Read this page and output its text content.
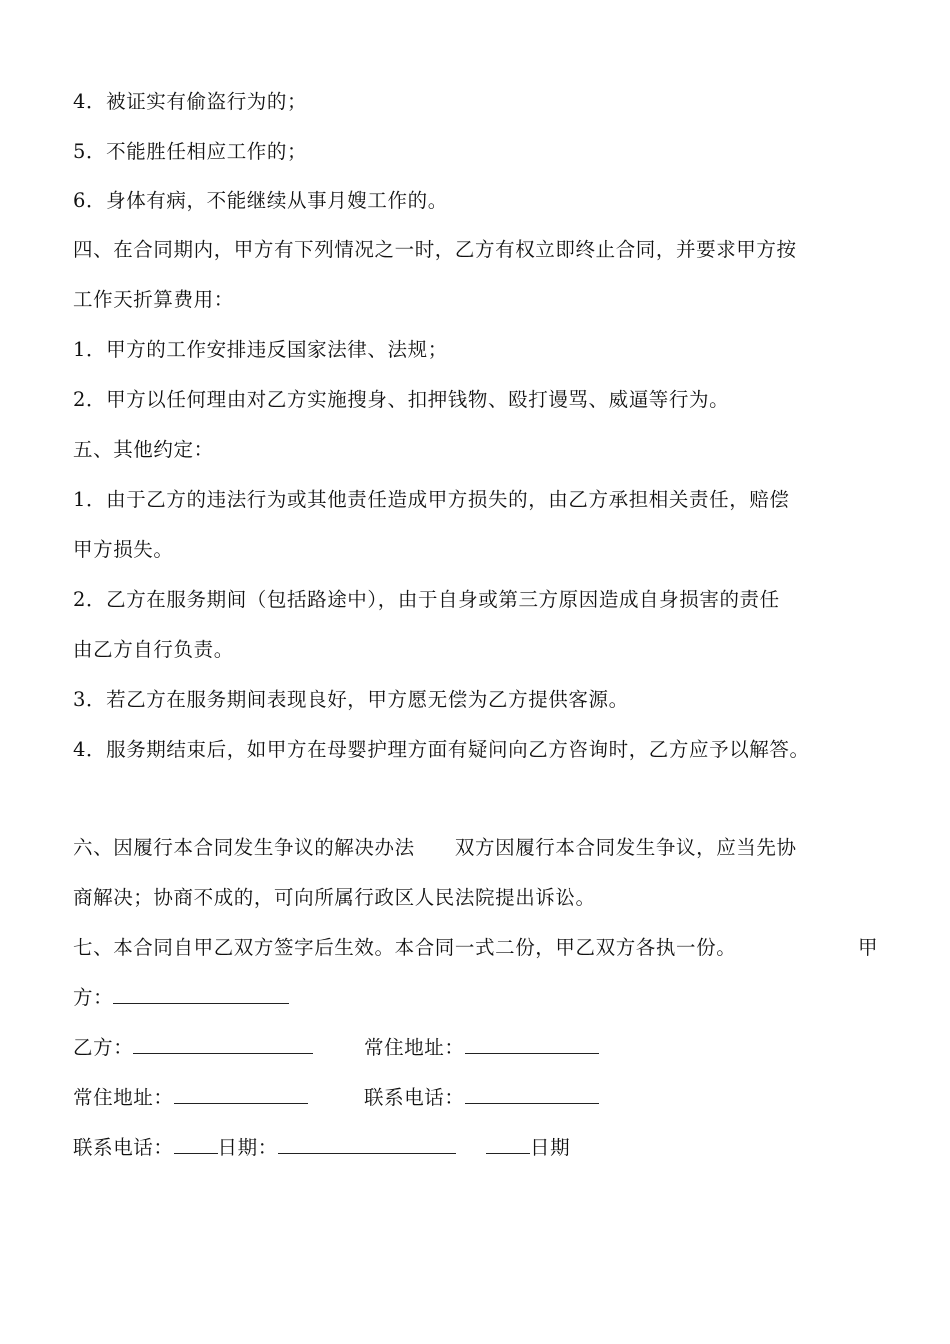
4．被证实有偷盗行为的；
5．不能胜任相应工作的；
6．身体有病，不能继续从事月嫂工作的。
四、在合同期内，甲方有下列情况之一时，乙方有权立即终止合同，并要求甲方按
工作天折算费用：
1．甲方的工作安排违反国家法律、法规；
2．甲方以任何理由对乙方实施搜身、扣押钱物、殴打谩骂、威逼等行为。
五、其他约定：
1．由于乙方的违法行为或其他责任造成甲方损失的，由乙方承担相关责任，赔偿
甲方损失。
2．乙方在服务期间（包括路途中），由于自身或第三方原因造成自身损害的责任
由乙方自行负责。
3．若乙方在服务期间表现良好，甲方愿无偿为乙方提供客源。
4．服务期结束后，如甲方在母婴护理方面有疑问向乙方咨询时，乙方应予以解答。
六、因履行本合同发生争议的解决办法　　双方因履行本合同发生争议，应当先协
商解决；协商不成的，可向所属行政区人民法院提出诉讼。
七、本合同自甲乙双方签字后生效。本合同一式二份，甲乙双方各执一份。	甲
方：
乙方：	常住地址：
常住地址：	联系电话：
联系电话： 日期：	日期
